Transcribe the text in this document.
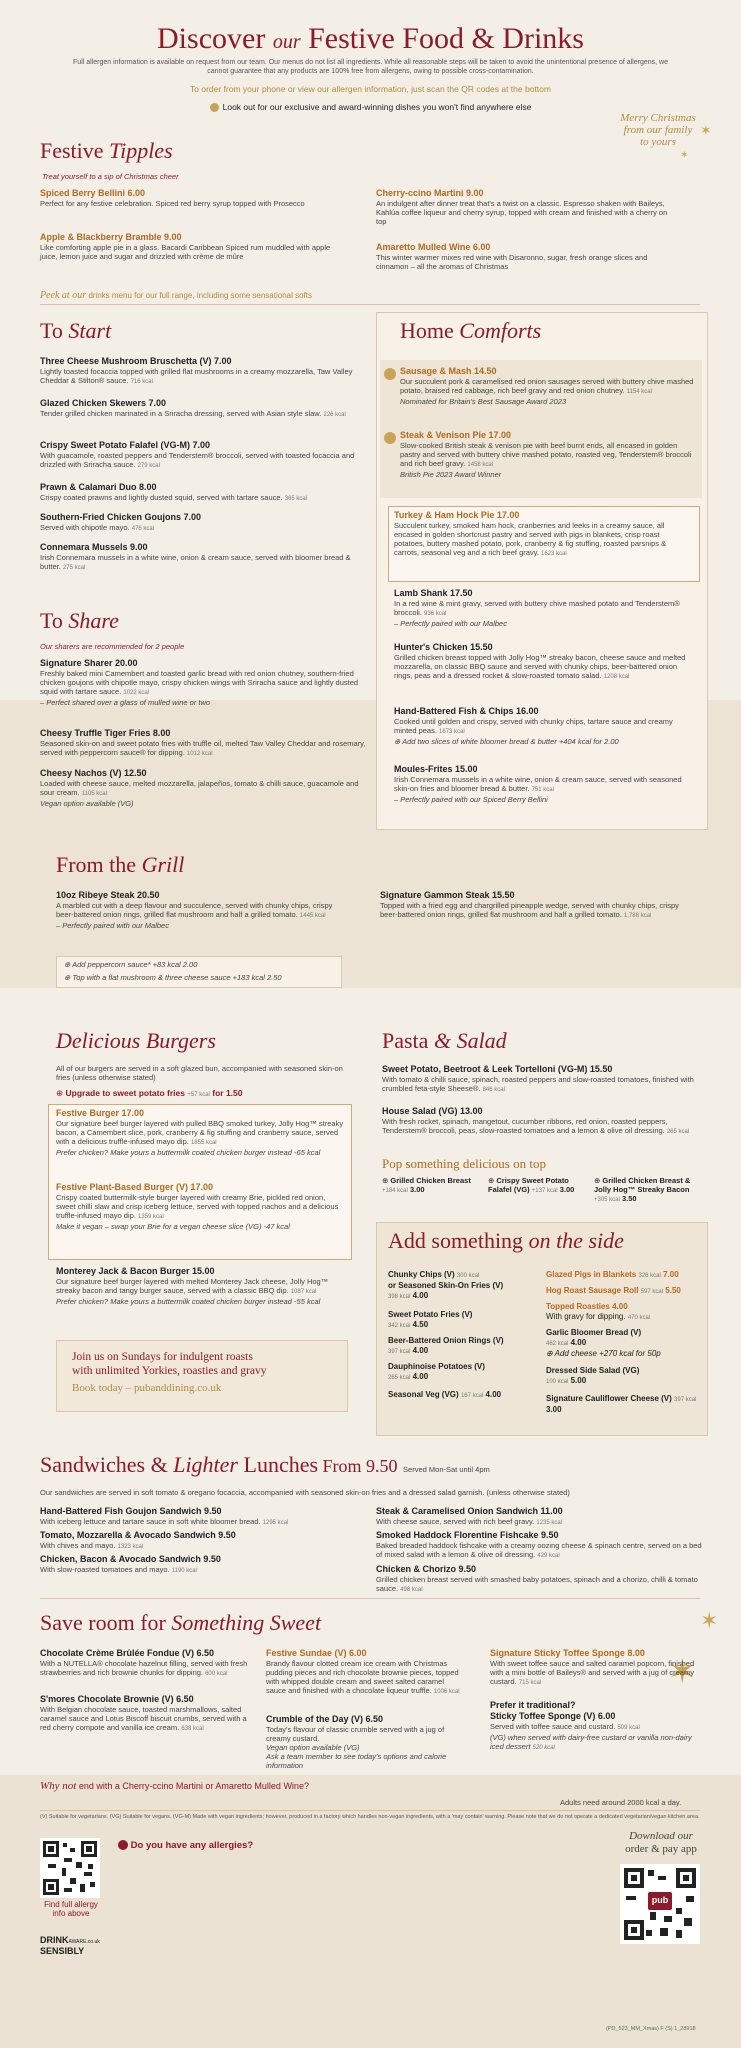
Discover our Festive Food & Drinks
Full allergen information is available on request from our team. Our menus do not list all ingredients. While all reasonable steps will be taken to avoid the unintentional presence of allergens, we cannot guarantee that any products are 100% free from allergens, owing to possible cross-contamination.
To order from your phone or view our allergen information, just scan the QR codes at the bottom
Look out for our exclusive and award-winning dishes you won't find anywhere else
Merry Christmas
from our family
to yours
✶
✶
Festive Tipples
Treat yourself to a sip of Christmas cheer
Spiced Berry Bellini 6.00
Perfect for any festive celebration. Spiced red berry syrup topped with Prosecco
Apple & Blackberry Bramble 9.00
Like comforting apple pie in a glass. Bacardi Caribbean Spiced rum muddled with apple juice, lemon juice and sugar and drizzled with crème de mûre
Cherry-ccino Martini 9.00
An indulgent after dinner treat that's a twist on a classic. Espresso shaken with Baileys, Kahlúa coffee liqueur and cherry syrup, topped with cream and finished with a cherry on top
Amaretto Mulled Wine 6.00
This winter warmer mixes red wine with Disaronno, sugar, fresh orange slices and cinnamon – all the aromas of Christmas
Peek at our drinks menu for our full range, including some sensational softs
To Start
Three Cheese Mushroom Bruschetta (V) 7.00
Lightly toasted focaccia topped with grilled flat mushrooms in a creamy mozzarella, Taw Valley Cheddar & Stilton® sauce. 716 kcal
Glazed Chicken Skewers 7.00
Tender grilled chicken marinated in a Sriracha dressing, served with Asian style slaw. 226 kcal
Crispy Sweet Potato Falafel (VG-M) 7.00
With guacamole, roasted peppers and Tenderstem® broccoli, served with toasted focaccia and drizzled with Sriracha sauce. 279 kcal
Prawn & Calamari Duo 8.00
Crispy coated prawns and lightly dusted squid, served with tartare sauce. 365 kcal
Southern-Fried Chicken Goujons 7.00
Served with chipotle mayo. 476 kcal
Connemara Mussels 9.00
Irish Connemara mussels in a white wine, onion & cream sauce, served with bloomer bread & butter. 275 kcal
To Share
Our sharers are recommended for 2 people
Signature Sharer 20.00
Freshly baked mini Camembert and toasted garlic bread with red onion chutney, southern-fried chicken goujons with chipotle mayo, crispy chicken wings with Sriracha sauce and lightly dusted squid with tartare sauce. 1022 kcal
– Perfect shared over a glass of mulled wine or two
Cheesy Truffle Tiger Fries 8.00
Seasoned skin-on and sweet potato fries with truffle oil, melted Taw Valley Cheddar and rosemary, served with peppercorn sauce® for dipping. 1012 kcal
Cheesy Nachos (V) 12.50
Loaded with cheese sauce, melted mozzarella, jalapeños, tomato & chilli sauce, guacamole and sour cream. 1105 kcal
Vegan option available (VG)
Home Comforts
Sausage & Mash 14.50
Our succulent pork & caramelised red onion sausages served with buttery chive mashed potato, braised red cabbage, rich beef gravy and red onion chutney. 1154 kcal
Nominated for Britain's Best Sausage Award 2023
Steak & Venison Pie 17.00
Slow-cooked British steak & venison pie with beef burnt ends, all encased in golden pastry and served with buttery chive mashed potato, roasted veg, Tenderstem® broccoli and rich beef gravy. 1458 kcal
British Pie 2023 Award Winner
Turkey & Ham Hock Pie 17.00
Succulent turkey, smoked ham hock, cranberries and leeks in a creamy sauce, all encased in golden shortcrust pastry and served with pigs in blankets, crisp roast potatoes, buttery mashed potato, pork, cranberry & fig stuffing, roasted parsnips & carrots, seasonal veg and a rich beef gravy. 1623 kcal
Lamb Shank 17.50
In a red wine & mint gravy, served with buttery chive mashed potato and Tenderstem® broccoli. 936 kcal
– Perfectly paired with our Malbec
Hunter's Chicken 15.50
Grilled chicken breast topped with Jolly Hog™ streaky bacon, cheese sauce and melted mozzarella, on classic BBQ sauce and served with chunky chips, beer-battered onion rings, peas and a dressed rocket & slow-roasted tomato salad. 1208 kcal
Hand-Battered Fish & Chips 16.00
Cooked until golden and crispy, served with chunky chips, tartare sauce and creamy minted peas. 1673 kcal
⊕ Add two slices of white bloomer bread & butter +404 kcal for 2.00
Moules-Frites 15.00
Irish Connemara mussels in a white wine, onion & cream sauce, served with seasoned skin-on fries and bloomer bread & butter. 751 kcal
– Perfectly paired with our Spiced Berry Bellini
From the Grill
10oz Ribeye Steak 20.50
A marbled cut with a deep flavour and succulence, served with chunky chips, crispy beer-battered onion rings, grilled flat mushroom and half a grilled tomato. 1445 kcal
– Perfectly paired with our Malbec
⊕ Add peppercorn sauce* +83 kcal 2.00
⊕ Top with a flat mushroom & three cheese sauce +183 kcal 2.50
Signature Gammon Steak 15.50
Topped with a fried egg and chargrilled pineapple wedge, served with chunky chips, crispy beer-battered onion rings, grilled flat mushroom and half a grilled tomato. 1,788 kcal
Delicious Burgers
All of our burgers are served in a soft glazed bun, accompanied with seasoned skin-on fries (unless otherwise stated)
⊕ Upgrade to sweet potato fries +57 kcal for 1.50
Festive Burger 17.00
Our signature beef burger layered with pulled BBQ smoked turkey, Jolly Hog™ streaky bacon, a Camembert slice, pork, cranberry & fig stuffing and cranberry sauce, served with a delicious truffle-infused mayo dip. 1855 kcal
Prefer chicken? Make yours a buttermilk coated chicken burger instead -65 kcal
Festive Plant-Based Burger (V) 17.00
Crispy coated buttermilk-style burger layered with creamy Brie, pickled red onion, sweet chilli slaw and crisp iceberg lettuce, served with topped nachos and a delicious truffle-infused mayo dip. 1359 kcal
Make it vegan – swap your Brie for a vegan cheese slice (VG) -47 kcal
Monterey Jack & Bacon Burger 15.00
Our signature beef burger layered with melted Monterey Jack cheese, Jolly Hog™ streaky bacon and tangy burger sauce, served with a classic BBQ dip. 1087 kcal
Prefer chicken? Make yours a buttermilk coated chicken burger instead -55 kcal
Join us on Sundays for indulgent roasts
with unlimited Yorkies, roasties and gravy
Book today – pubanddining.co.uk
Pasta & Salad
Sweet Potato, Beetroot & Leek Tortelloni (VG-M) 15.50
With tomato & chilli sauce, spinach, roasted peppers and slow-roasted tomatoes, finished with crumbled feta-style Sheese®. 846 kcal
House Salad (VG) 13.00
With fresh rocket, spinach, mangetout, cucumber ribbons, red onion, roasted peppers, Tenderstem® broccoli, peas, slow-roasted tomatoes and a lemon & olive oil dressing. 265 kcal
Pop something delicious on top
⊕ Grilled Chicken Breast +184 kcal 3.00
⊕ Crispy Sweet Potato Falafel (VG) +137 kcal 3.00
⊕ Grilled Chicken Breast & Jolly Hog™ Streaky Bacon +305 kcal 3.50
Add something on the side
Chunky Chips (V) 300 kcal
or Seasoned Skin-On Fries (V)
398 kcal 4.00
Sweet Potato Fries (V)
342 kcal 4.50
Beer-Battered Onion Rings (V)
397 kcal 4.00
Dauphinoise Potatoes (V)
265 kcal 4.00
Seasonal Veg (VG) 167 kcal 4.00
Glazed Pigs in Blankets 326 kcal 7.00
Hog Roast Sausage Roll 597 kcal 5.50
Topped Roasties 4.00
With gravy for dipping. 470 kcal
Garlic Bloomer Bread (V)
462 kcal 4.00
⊕ Add cheese +270 kcal for 50p
Dressed Side Salad (VG)
100 kcal 5.00
Signature Cauliflower Cheese (V) 397 kcal 3.00
Sandwiches & Lighter Lunches From 9.50 Served Mon-Sat until 4pm
Our sandwiches are served in soft tomato & oregano focaccia, accompanied with seasoned skin-on fries and a dressed salad garnish. (unless otherwise stated)
Hand-Battered Fish Goujon Sandwich 9.50
With iceberg lettuce and tartare sauce in soft white bloomer bread. 1295 kcal
Tomato, Mozzarella & Avocado Sandwich 9.50
With chives and mayo. 1323 kcal
Chicken, Bacon & Avocado Sandwich 9.50
With slow-roasted tomatoes and mayo. 1190 kcal
Steak & Caramelised Onion Sandwich 11.00
With cheese sauce, served with rich beef gravy. 1235 kcal
Smoked Haddock Florentine Fishcake 9.50
Baked breaded haddock fishcake with a creamy oozing cheese & spinach centre, served on a bed of mixed salad with a lemon & olive oil dressing. 429 kcal
Chicken & Chorizo 9.50
Grilled chicken breast served with smashed baby potatoes, spinach and a chorizo, chilli & tomato sauce. 498 kcal
Save room for Something Sweet	✶
✶
Chocolate Crème Brûlée Fondue (V) 6.50
With a NUTELLA® chocolate hazelnut filling, served with fresh strawberries and rich brownie chunks for dipping. 600 kcal
S'mores Chocolate Brownie (V) 6.50
With Belgian chocolate sauce, toasted marshmallows, salted caramel sauce and Lotus Biscoff biscuit crumbs, served with a red cherry compote and vanilla ice cream. 638 kcal
Festive Sundae (V) 6.00
Brandy flavour clotted cream ice cream with Christmas pudding pieces and rich chocolate brownie pieces, topped with whipped double cream and sweet salted caramel sauce and finished with a chocolate liqueur truffle. 1006 kcal
Crumble of the Day (V) 6.50
Today's flavour of classic crumble served with a jug of creamy custard.
Vegan option available (VG)
Ask a team member to see today's options and calorie information
Signature Sticky Toffee Sponge 8.00
With sweet toffee sauce and salted caramel popcorn, finished with a mini bottle of Baileys® and served with a jug of creamy custard. 715 kcal
Prefer it traditional?
Sticky Toffee Sponge (V) 6.00
Served with toffee sauce and custard. 509 kcal
(VG) when served with dairy-free custard or vanilla non-dairy iced dessert 520 kcal
Why not end with a Cherry-ccino Martini or Amaretto Mulled Wine?
Adults need around 2000 kcal a day.
(V) Suitable for vegetarians. (VG) Suitable for vegans. (VG-M) Made with vegan ingredients; however, produced in a factory which handles non-vegan ingredients, with a 'may contain' warning. Please note that we do not operate a dedicated vegetarian/vegan kitchen area.
Find full allergy
info above
DRINKAWARE.co.uk
SENSIBLY
Do you have any allergies?
Download our
order & pay app
pub
(PD_523_MM_Xmas) F (S) 1_28918
